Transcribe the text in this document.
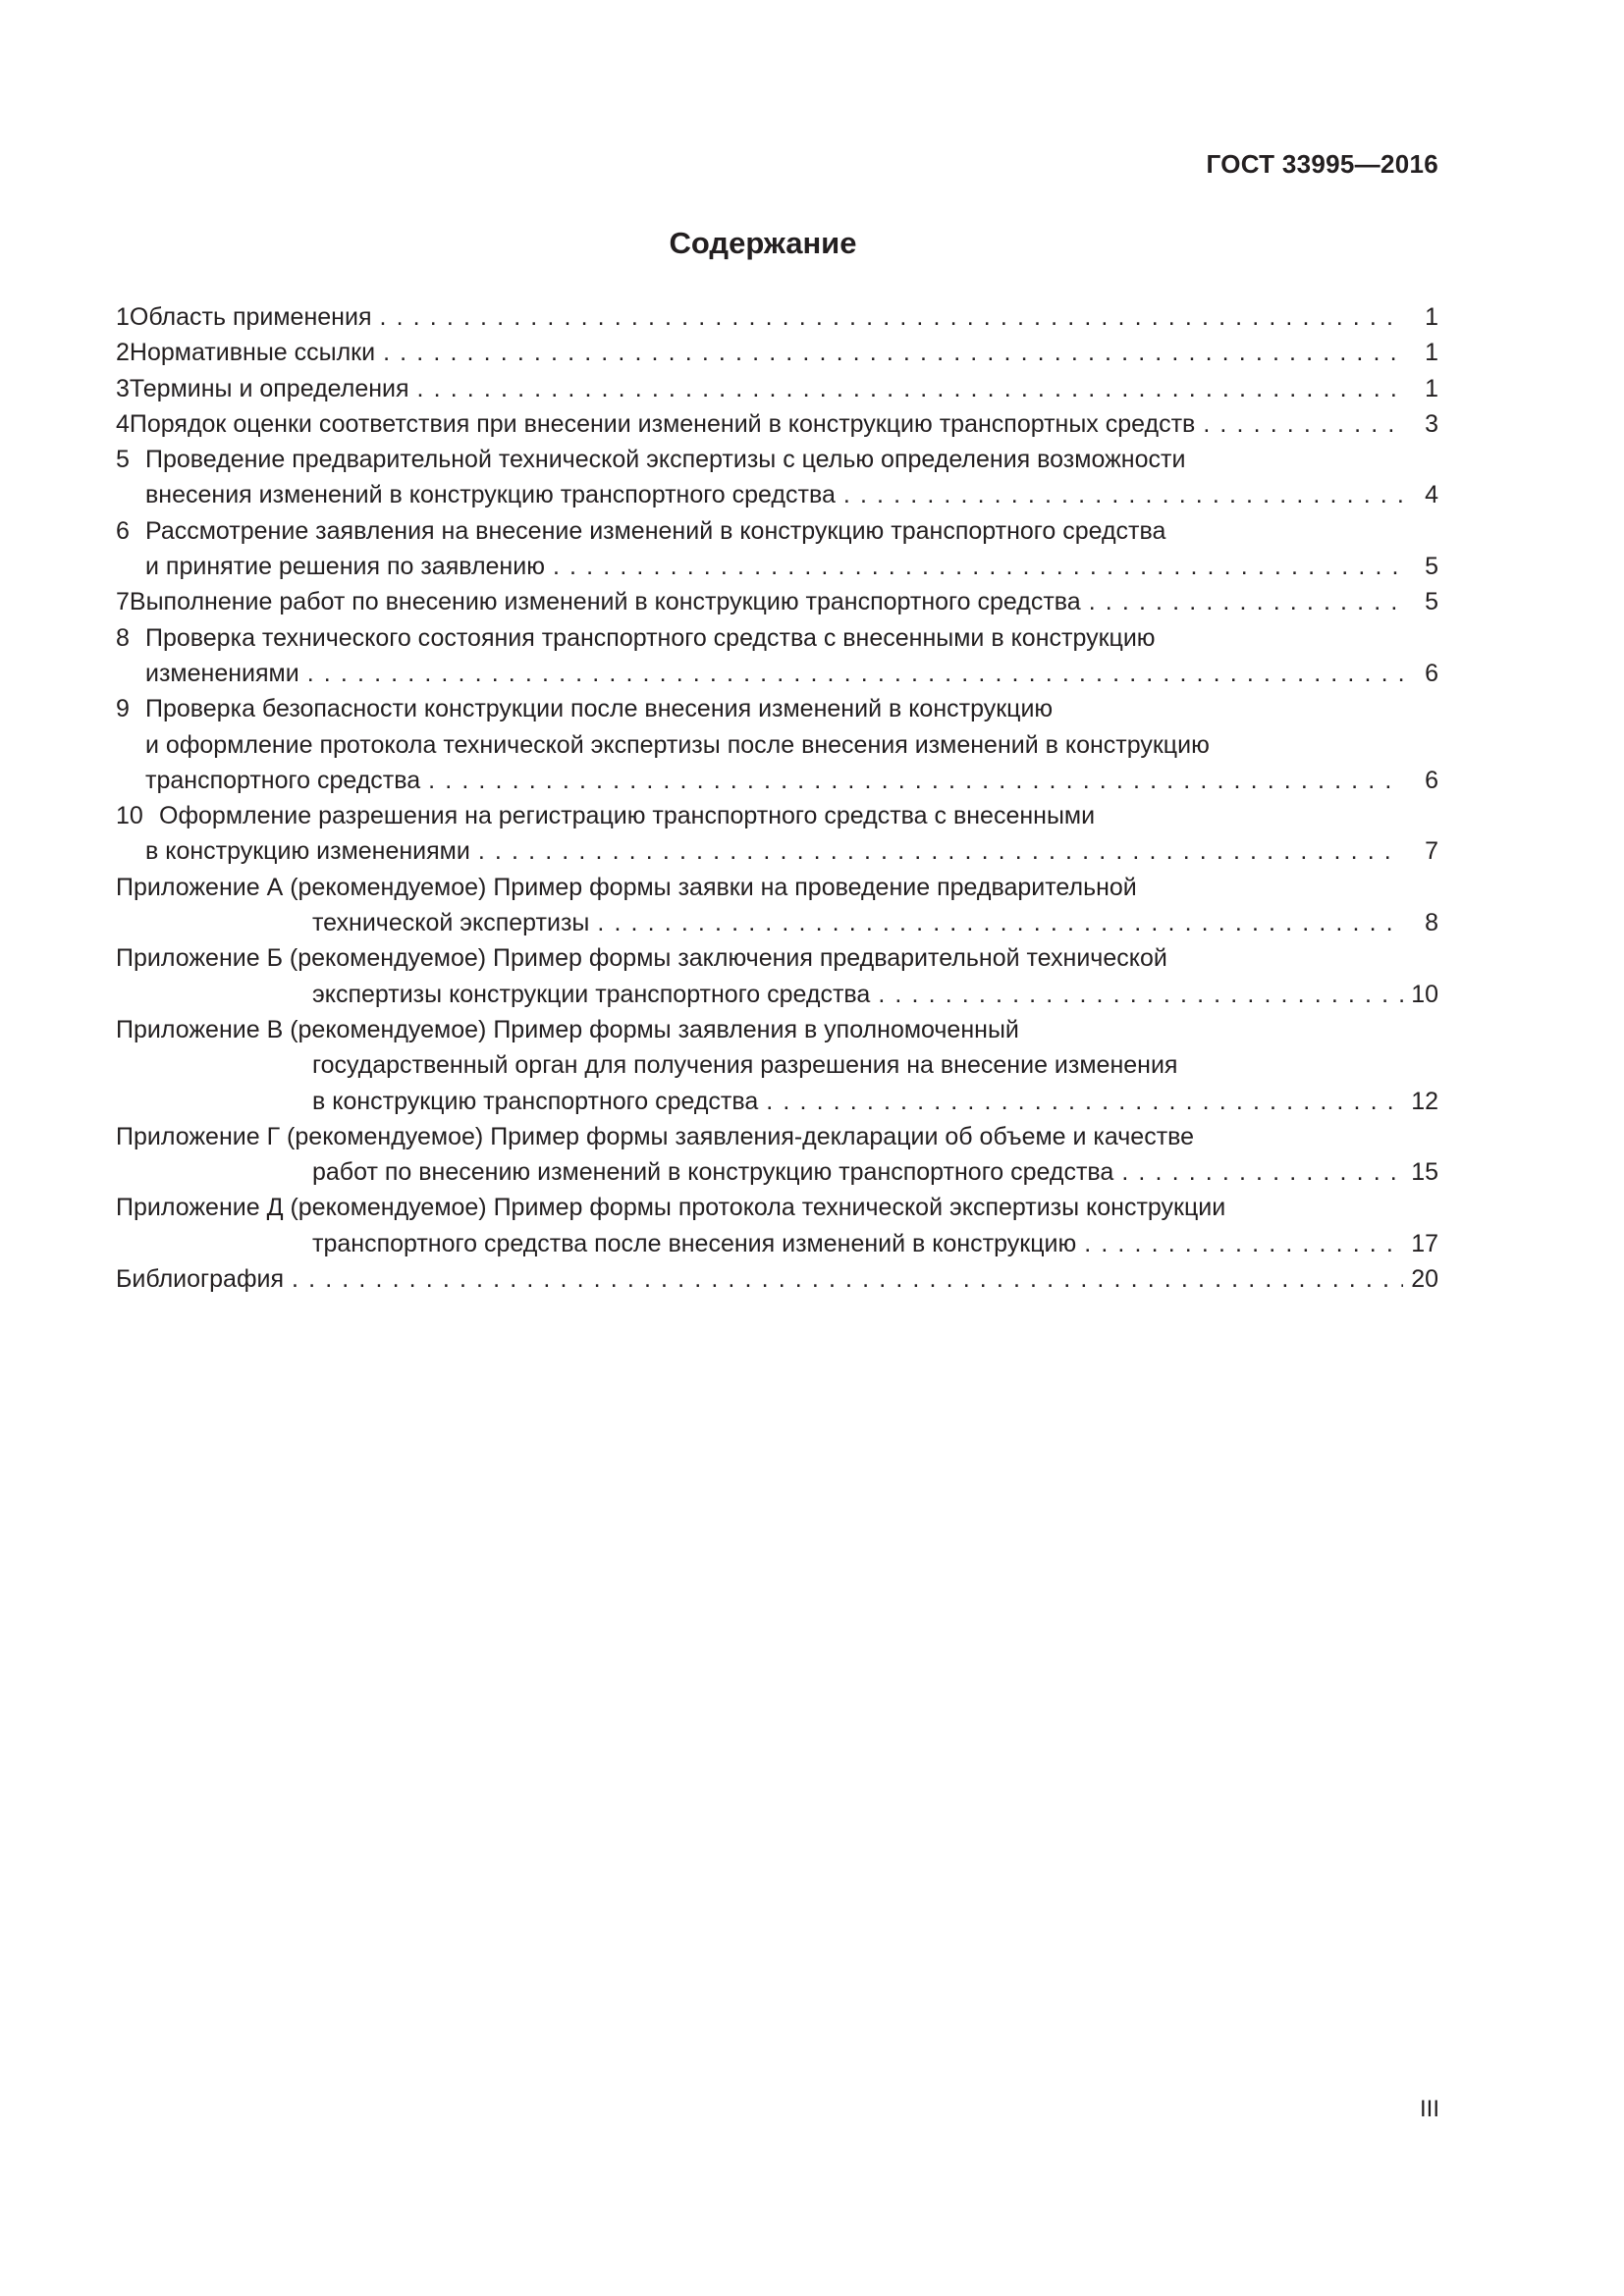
ГОСТ 33995—2016
Содержание
1 Область применения . . .	1
2 Нормативные ссылки . . .	1
3 Термины и определения . . .	1
4 Порядок оценки соответствия при внесении изменений в конструкцию транспортных средств . . .	3
5 Проведение предварительной технической экспертизы с целью определения возможности
внесения изменений в конструкцию транспортного средства . . .	4
6 Рассмотрение заявления на внесение изменений в конструкцию транспортного средства
и принятие решения по заявлению . . .	5
7 Выполнение работ по внесению изменений в конструкцию транспортного средства . . .	5
8 Проверка технического состояния транспортного средства с внесенными в конструкцию
изменениями . . .	6
9 Проверка безопасности конструкции после внесения изменений в конструкцию
и оформление протокола технической экспертизы после внесения изменений в конструкцию
транспортного средства . . .	6
10 Оформление разрешения на регистрацию транспортного средства с внесенными
в конструкцию изменениями . . .	7
Приложение А (рекомендуемое) Пример формы заявки на проведение предварительной
технической экспертизы . . .	8
Приложение Б (рекомендуемое) Пример формы заключения предварительной технической
экспертизы конструкции транспортного средства . . .	10
Приложение В (рекомендуемое) Пример формы заявления в уполномоченный
государственный орган для получения разрешения на внесение изменения
в конструкцию транспортного средства . . .	12
Приложение Г (рекомендуемое) Пример формы заявления-декларации об объеме и качестве
работ по внесению изменений в конструкцию транспортного средства . . .	15
Приложение Д (рекомендуемое) Пример формы протокола технической экспертизы конструкции
транспортного средства после внесения изменений в конструкцию . . .	17
Библиография . . .	20
III
